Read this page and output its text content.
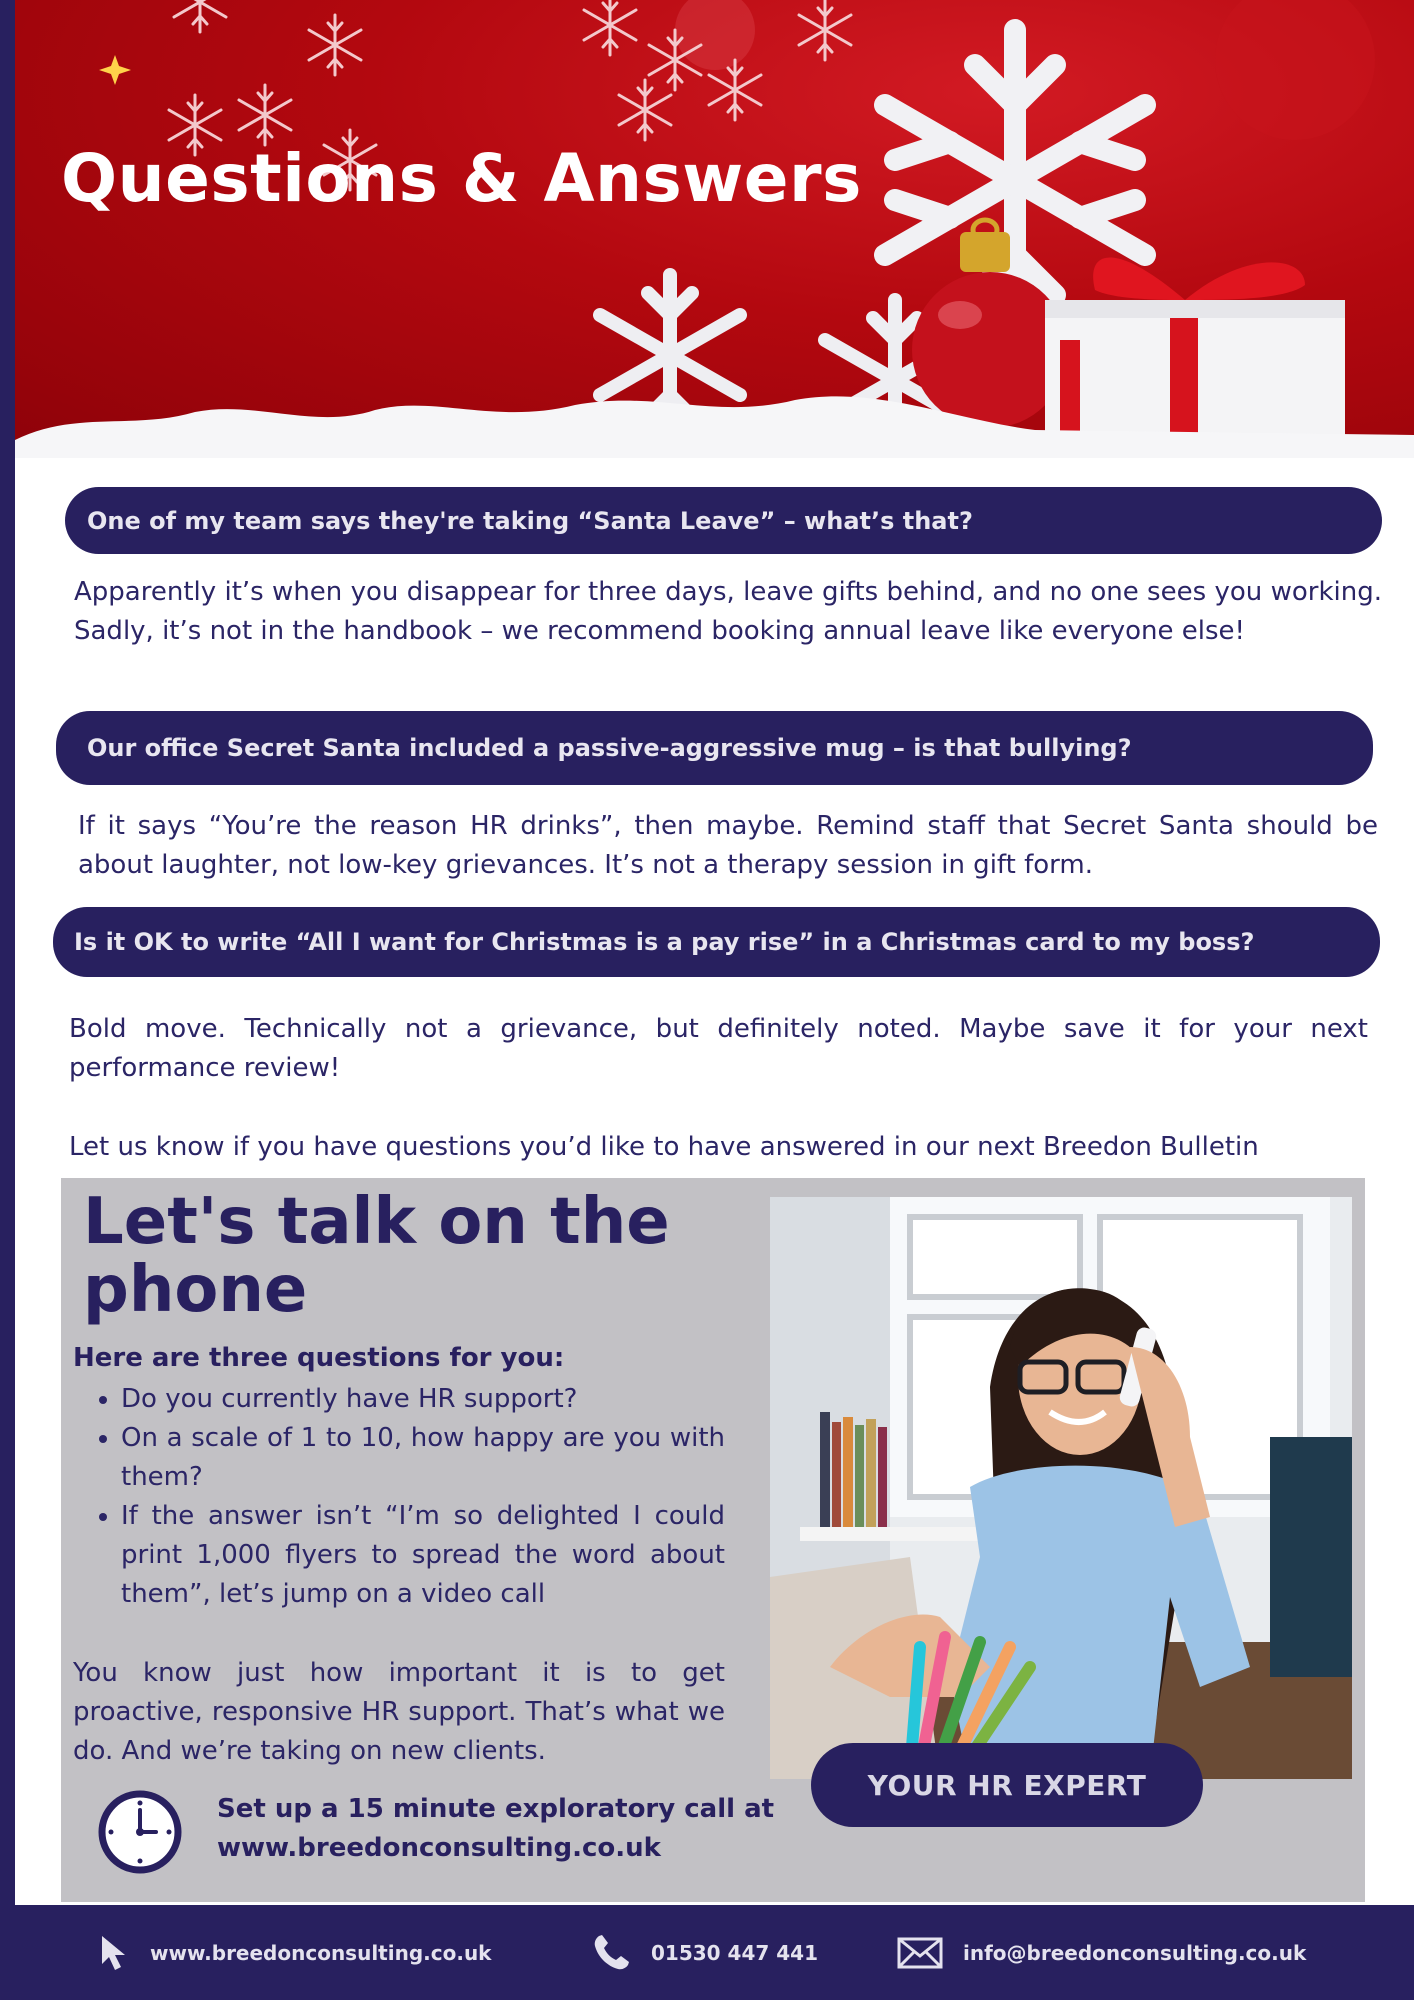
Questions & Answers
One of my team says they're taking “Santa Leave” – what’s that?

Apparently it’s when you disappear for three days, leave gifts behind, and no one sees you working. Sadly, it’s not in the handbook – we recommend booking annual leave like everyone else!

Our office Secret Santa included a passive-aggressive mug – is that bullying?

If it says “You’re the reason HR drinks”, then maybe. Remind staff that Secret Santa should be about laughter, not low-key grievances. It’s not a therapy session in gift form.

Is it OK to write “All I want for Christmas is a pay rise” in a Christmas card to my boss?

Bold move. Technically not a grievance, but definitely noted. Maybe save it for your next performance review!

Let us know if you have questions you’d like to have answered in our next Breedon Bulletin

Let's talk on the
phone

Here are three questions for you:

• Do you currently have HR support?
• On a scale of 1 to 10, how happy are you with them?
• If the answer isn’t “I’m so delighted I could print 1,000 flyers to spread the word about them”, let’s jump on a video call

You know just how important it is to get proactive, responsive HR support. That’s what we do. And we’re taking on new clients.

Set up a 15 minute exploratory call at
www.breedonconsulting.co.uk

YOUR HR EXPERT
www.breedonconsulting.co.uk	01530 447 441	info@breedonconsulting.co.uk
